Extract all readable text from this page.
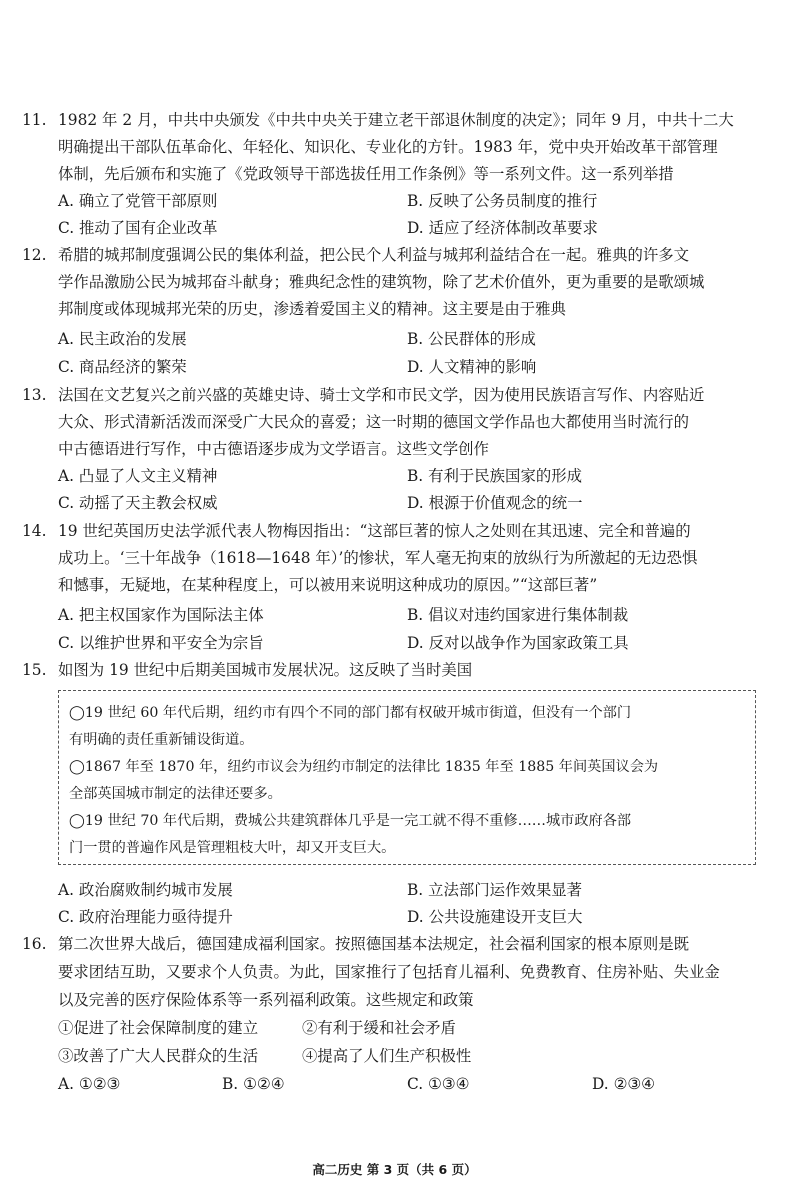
11. 1982 年 2 月，中共中央颁发《中共中央关于建立老干部退休制度的决定》；同年 9 月，中共十二大
明确提出干部队伍革命化、年轻化、知识化、专业化的方针。1983 年，党中央开始改革干部管理
体制，先后颁布和实施了《党政领导干部选拔任用工作条例》等一系列文件。这一系列举措
A. 确立了党管干部原则	B. 反映了公务员制度的推行
C. 推动了国有企业改革	D. 适应了经济体制改革要求
12. 希腊的城邦制度强调公民的集体利益，把公民个人利益与城邦利益结合在一起。雅典的许多文
学作品激励公民为城邦奋斗献身；雅典纪念性的建筑物，除了艺术价值外，更为重要的是歌颂城
邦制度或体现城邦光荣的历史，渗透着爱国主义的精神。这主要是由于雅典
A. 民主政治的发展	B. 公民群体的形成
C. 商品经济的繁荣	D. 人文精神的影响
13. 法国在文艺复兴之前兴盛的英雄史诗、骑士文学和市民文学，因为使用民族语言写作、内容贴近
大众、形式清新活泼而深受广大民众的喜爱；这一时期的德国文学作品也大都使用当时流行的
中古德语进行写作，中古德语逐步成为文学语言。这些文学创作
A. 凸显了人文主义精神	B. 有利于民族国家的形成
C. 动摇了天主教会权威	D. 根源于价值观念的统一
14. 19 世纪英国历史法学派代表人物梅因指出：“这部巨著的惊人之处则在其迅速、完全和普遍的
成功上。‘三十年战争（1618—1648 年）’的惨状，军人毫无拘束的放纵行为所激起的无边恐惧
和憾事，无疑地，在某种程度上，可以被用来说明这种成功的原因。”“这部巨著”
A. 把主权国家作为国际法主体	B. 倡议对违约国家进行集体制裁
C. 以维护世界和平安全为宗旨	D. 反对以战争作为国家政策工具
15. 如图为 19 世纪中后期美国城市发展状况。这反映了当时美国
◯19 世纪 60 年代后期，纽约市有四个不同的部门都有权破开城市街道，但没有一个部门
有明确的责任重新铺设街道。
◯1867 年至 1870 年，纽约市议会为纽约市制定的法律比 1835 年至 1885 年间英国议会为
全部英国城市制定的法律还要多。
◯19 世纪 70 年代后期，费城公共建筑群体几乎是一完工就不得不重修……城市政府各部
门一贯的普遍作风是管理粗枝大叶，却又开支巨大。
A. 政治腐败制约城市发展	B. 立法部门运作效果显著
C. 政府治理能力亟待提升	D. 公共设施建设开支巨大
16. 第二次世界大战后，德国建成福利国家。按照德国基本法规定，社会福利国家的根本原则是既
要求团结互助，又要求个人负责。为此，国家推行了包括育儿福利、免费教育、住房补贴、失业金
以及完善的医疗保险体系等一系列福利政策。这些规定和政策
①促进了社会保障制度的建立	②有利于缓和社会矛盾
③改善了广大人民群众的生活	④提高了人们生产积极性
A. ①②③	B. ①②④	C. ①③④	D. ②③④
高二历史 第 3 页（共 6 页）
